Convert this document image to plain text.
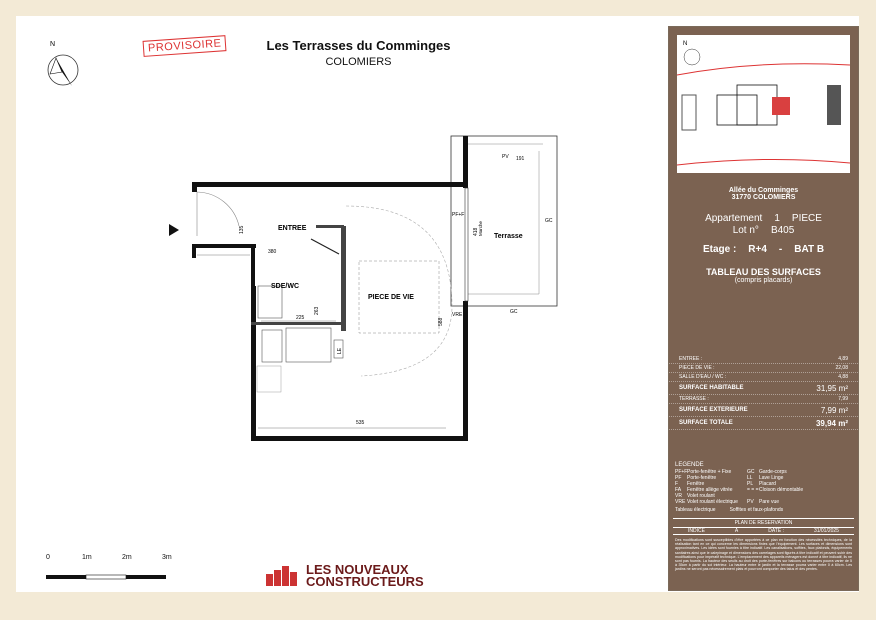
N	PROVISOIRE	Les Terrasses du Comminges
COLOMIERS
ENTREE
SDE/WC
PIECE DE VIE
Terrasse
PV
GC
GC
PF+F
VRE
LE
191
380
135
263
225	588
535
418 Marche
0	1m	2m	3m
LES NOUVEAUX
CONSTRUCTEURS
N
Allée du Comminges
31770 COLOMIERS
Appartement 1 PIECE
Lot n° B405
Etage : R+4 - BAT B
TABLEAU DES SURFACES
(compris placards)
ENTREE :	4,89
PIECE DE VIE :	22,08
SALLE D'EAU / WC :	4,88
SURFACE HABITABLE	31,95 m²
TERRASSE :	7,99
SURFACE EXTERIEURE	7,99 m²
SURFACE TOTALE	39,94 m²
LEGENDE
PF+F Porte-fenêtre + Fixe	GC Garde-corps
PF	Porte-fenêtre	LL	Lave Linge
F	Fenêtre	PL	Placard
FA	Fenêtre allège vitrée	= = = Cloison démontable
VR	Volet roulant
VRE Volet roulant électrique	PV	Pare vue
Tableau électrique	Soffites et faux-plafonds
PLAN DE RESERVATION
INDICE	A	DATE :	31/01/2025
Des modifications sont susceptibles d'être apportées à ce plan en fonction des nécessités techniques, de la réalisation tant en ce qui concerne les dimensions finies que l'équipement. Les surfaces et dimensions sont approximatives. Les idées sont fournies à titre indicatif. Les canalisations, soffites, faux plafonds, équipements sanitaires ainsi que le calepinage et dimensions des carrelages sont figurés à titre indicatif et peuvent subir des modifications pour impératif technique. L'emplacement des appareils ménagers est donné à titre indicatif, ils ne sont pas fournis. La hauteur des seuils au droit des porte-fenêtres sur balcons ou terrasses pourra varier de 5 à 35cm à partir du sol intérieur. La hauteur entre le jardin et la terrasse pourra varier entre 0 à 60cm. Les jardins ne seront pas nécessairement plats et pourront comporter des talus et des pentes.
